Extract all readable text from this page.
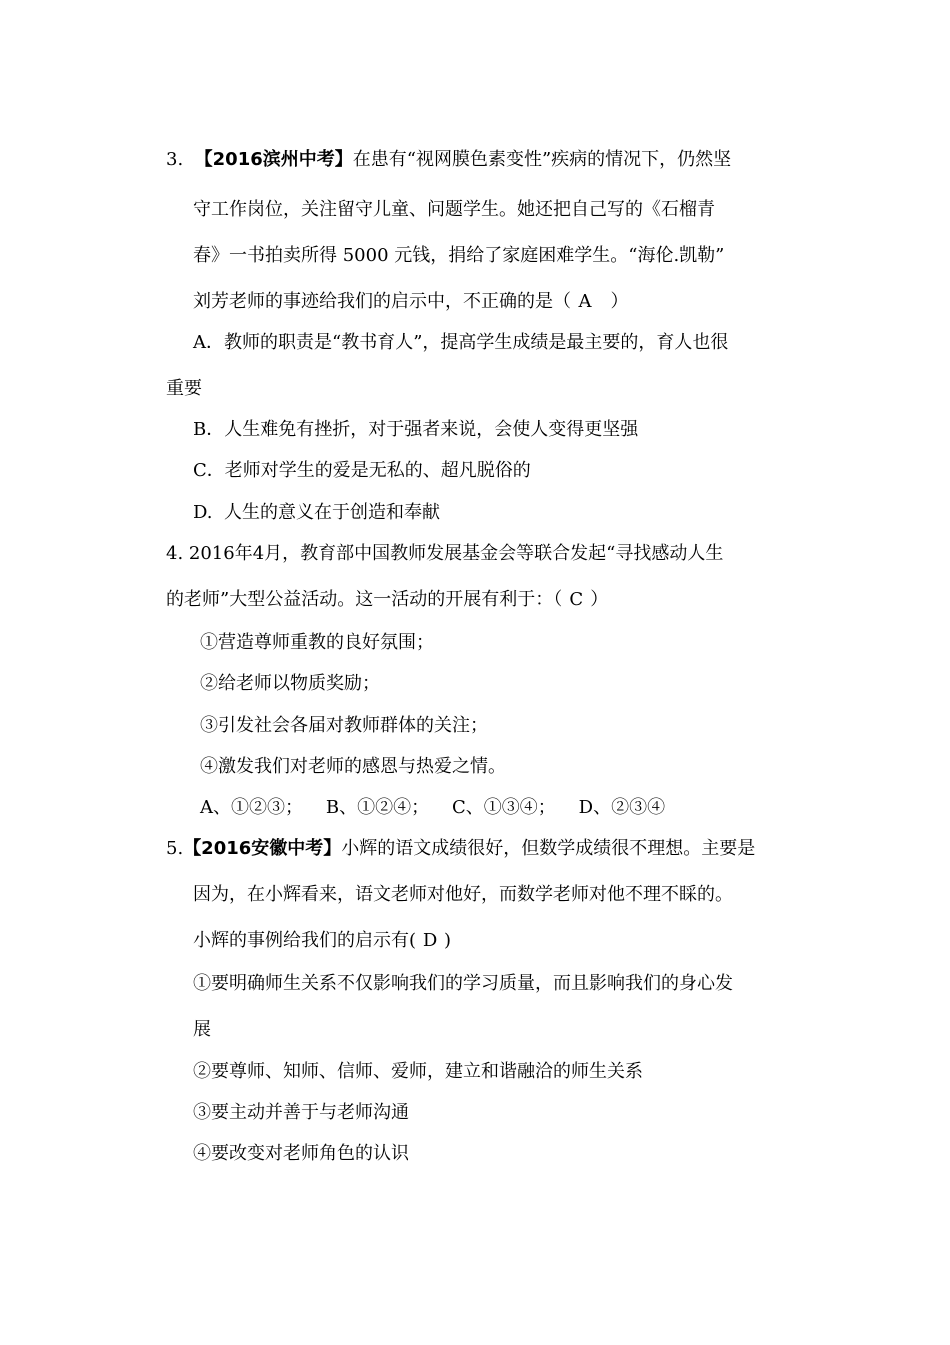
3. 【2016滨州中考】在患有“视网膜色素变性”疾病的情况下，仍然坚
守工作岗位，关注留守儿童、问题学生。她还把自己写的《石榴青
春》一书拍卖所得 5000 元钱，捐给了家庭困难学生。“海伦.凯勒”
刘芳老师的事迹给我们的启示中，不正确的是（ A ）
A．教师的职责是“教书育人”，提高学生成绩是最主要的，育人也很
重要
B．人生难免有挫折，对于强者来说，会使人变得更坚强
C．老师对学生的爱是无私的、超凡脱俗的
D.  人生的意义在于创造和奉献
4. 2016年4月，教育部中国教师发展基金会等联合发起“寻找感动人生
的老师”大型公益活动。这一活动的开展有利于：（ C ）
①营造尊师重教的良好氛围；
②给老师以物质奖励；
③引发社会各届对教师群体的关注；
④激发我们对老师的感恩与热爱之情。
A、①②③；    B、①②④；    C、①③④；    D、②③④
5.【2016安徽中考】小辉的语文成绩很好，但数学成绩很不理想。主要是
因为，在小辉看来，语文老师对他好，而数学老师对他不理不睬的。
小辉的事例给我们的启示有( D )
①要明确师生关系不仅影响我们的学习质量，而且影响我们的身心发
展
②要尊师、知师、信师、爱师，建立和谐融洽的师生关系
③要主动并善于与老师沟通
④要改变对老师角色的认识
